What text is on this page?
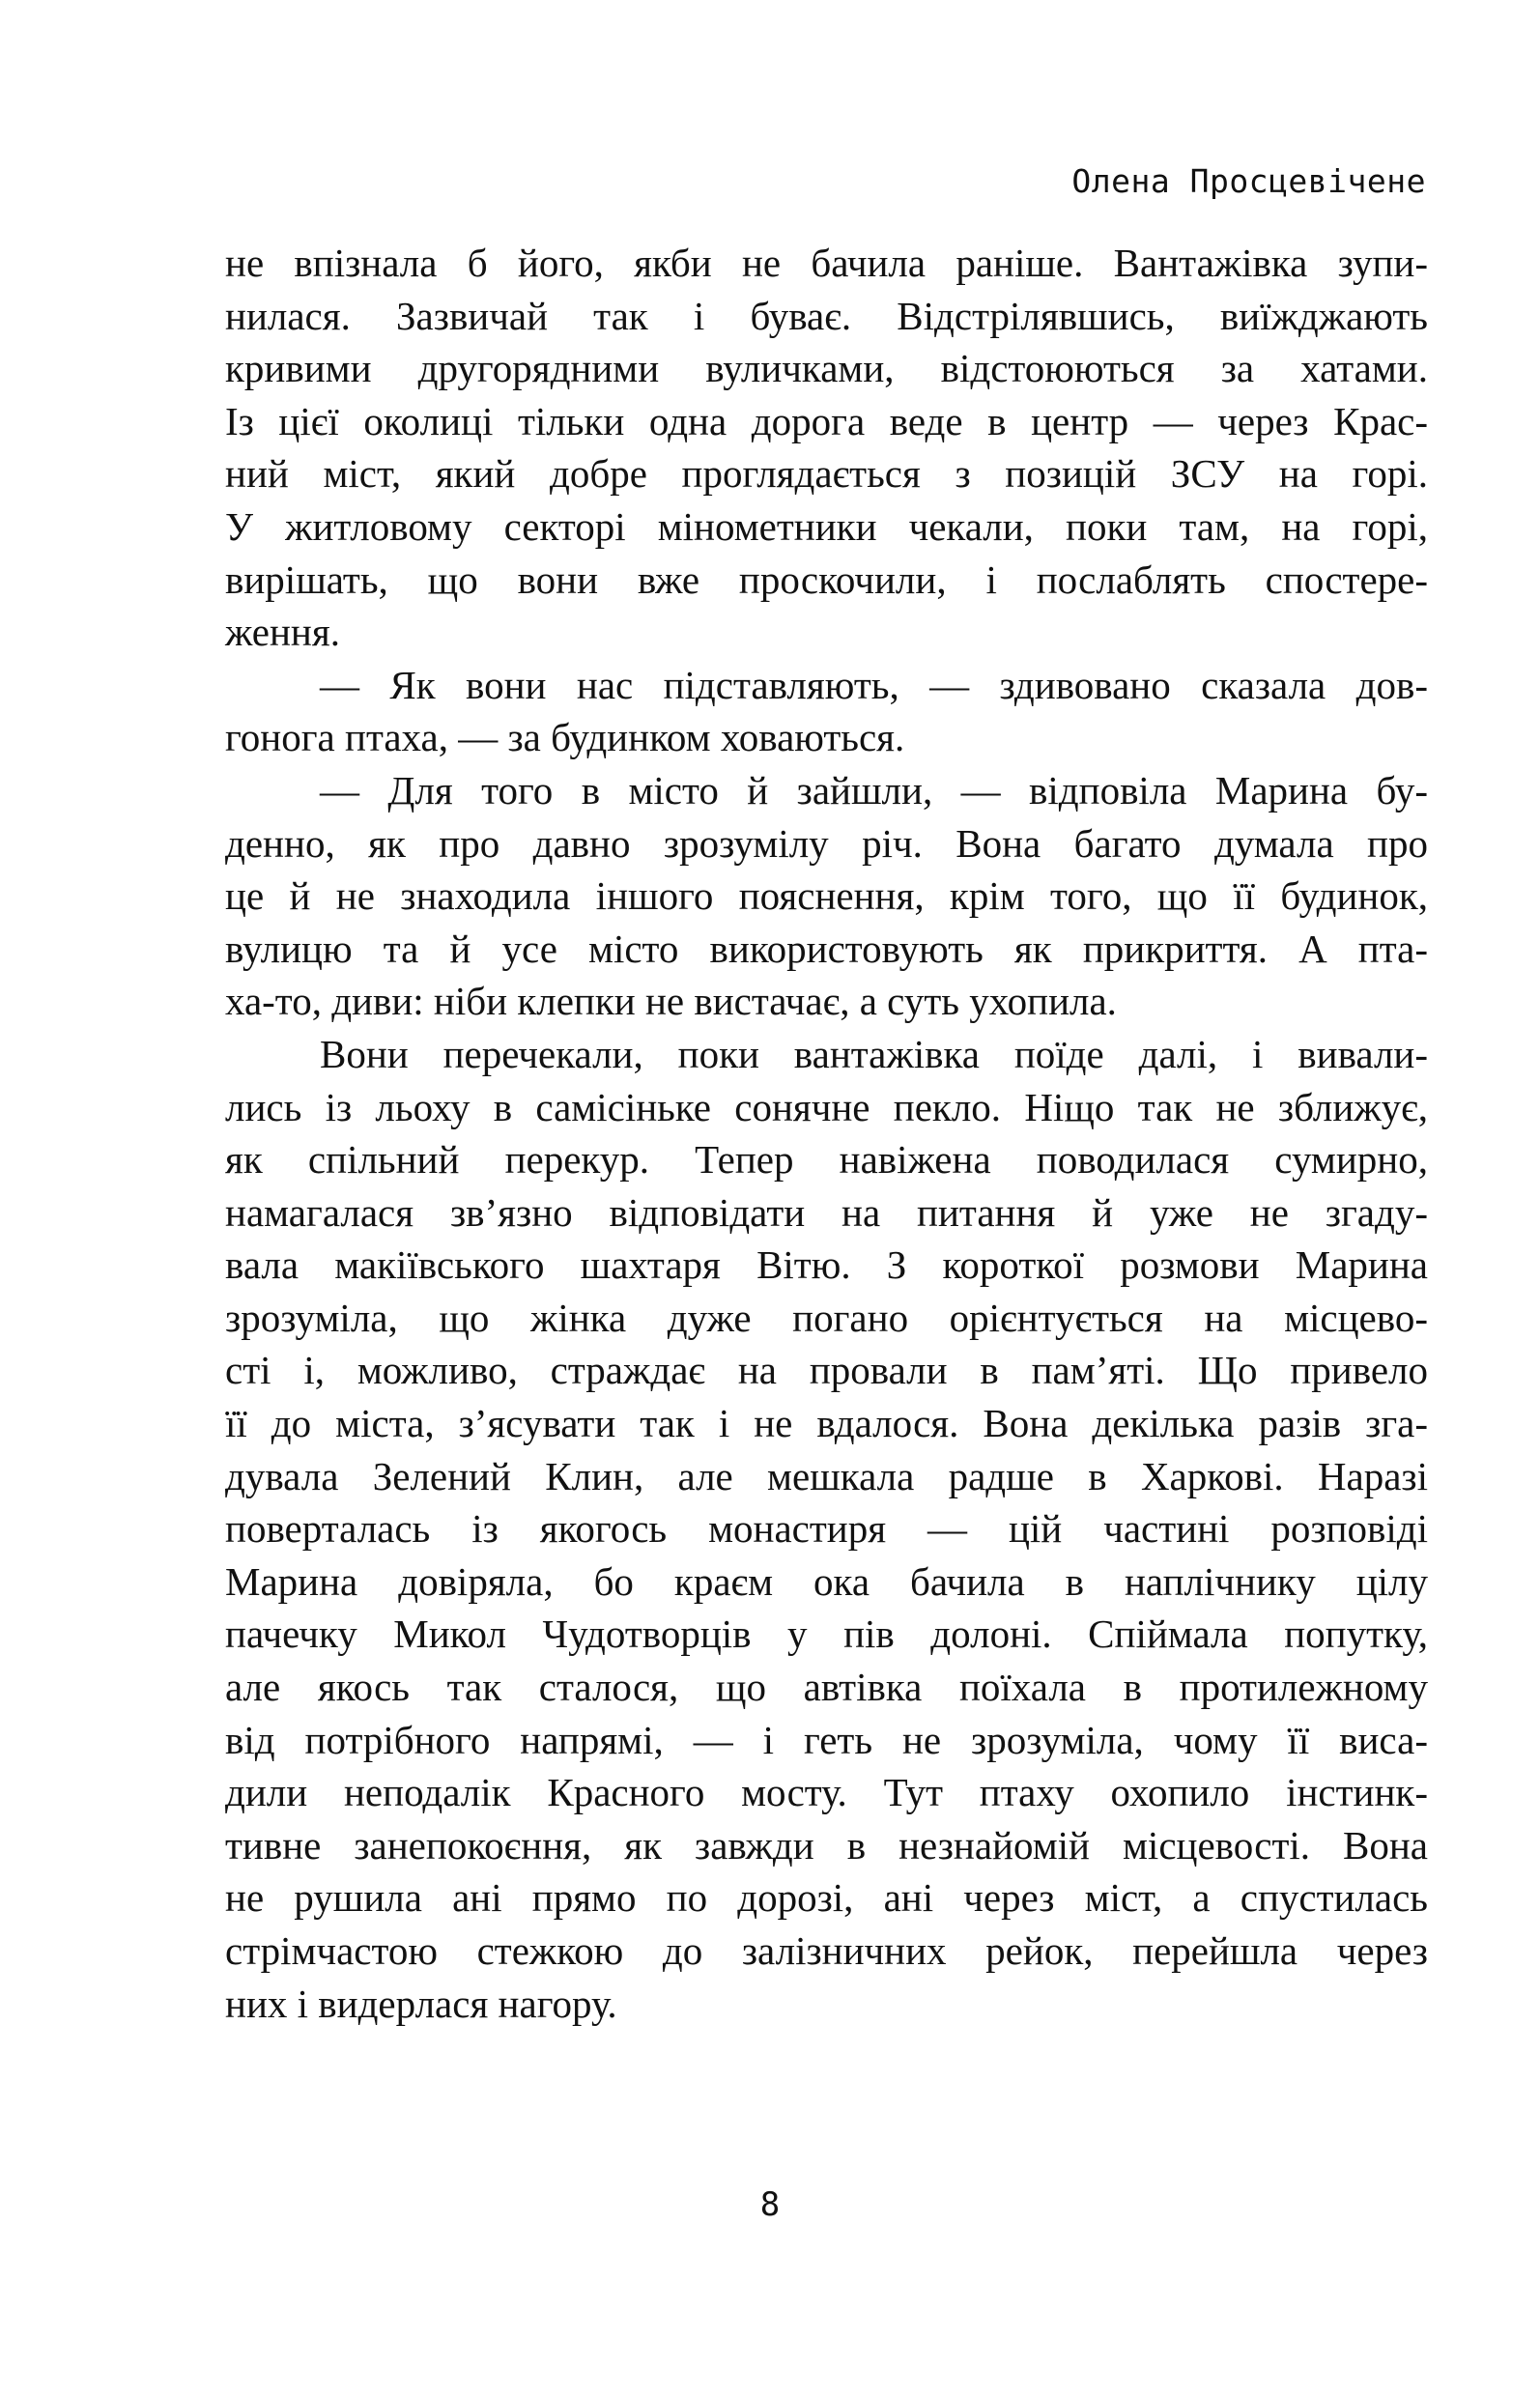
Олена Просцевічене
не впізнала б його, якби не бачила раніше. Вантажівка зупи-
нилася. Зазвичай так і буває. Відстрілявшись, виїжджають
кривими другорядними вуличками, відстоюються за хатами.
Із цієї околиці тільки одна дорога веде в центр — через Крас-
ний міст, який добре проглядається з позицій ЗСУ на горі.
У житловому секторі мінометники чекали, поки там, на горі,
вирішать, що вони вже проскочили, і послаблять спостере-
ження.
— Як вони нас підставляють, — здивовано сказала дов-
гонога птаха, — за будинком ховаються.
— Для того в місто й зайшли, — відповіла Марина бу-
денно, як про давно зрозумілу річ. Вона багато думала про
це й не знаходила іншого пояснення, крім того, що її будинок,
вулицю та й усе місто використовують як прикриття. А пта-
ха-то, диви: ніби клепки не вистачає, а суть ухопила.
Вони перечекали, поки вантажівка поїде далі, і вивали-
лись із льоху в самісіньке сонячне пекло. Ніщо так не зближує,
як спільний перекур. Тепер навіжена поводилася сумирно,
намагалася зв’язно відповідати на питання й уже не згаду-
вала макіївського шахтаря Вітю. З короткої розмови Марина
зрозуміла, що жінка дуже погано орієнтується на місцево-
сті і, можливо, страждає на провали в пам’яті. Що привело
її до міста, з’ясувати так і не вдалося. Вона декілька разів зга-
дувала Зелений Клин, але мешкала радше в Харкові. Наразі
поверталась із якогось монастиря — цій частині розповіді
Марина довіряла, бо краєм ока бачила в наплічнику цілу
пачечку Микол Чудотворців у пів долоні. Спіймала попутку,
але якось так сталося, що автівка поїхала в протилежному
від потрібного напрямі, — і геть не зрозуміла, чому її виса-
дили неподалік Красного мосту. Тут птаху охопило інстинк-
тивне занепокоєння, як завжди в незнайомій місцевості. Вона
не рушила ані прямо по дорозі, ані через міст, а спустилась
стрімчастою стежкою до залізничних рейок, перейшла через
них і видерлася нагору.
8
